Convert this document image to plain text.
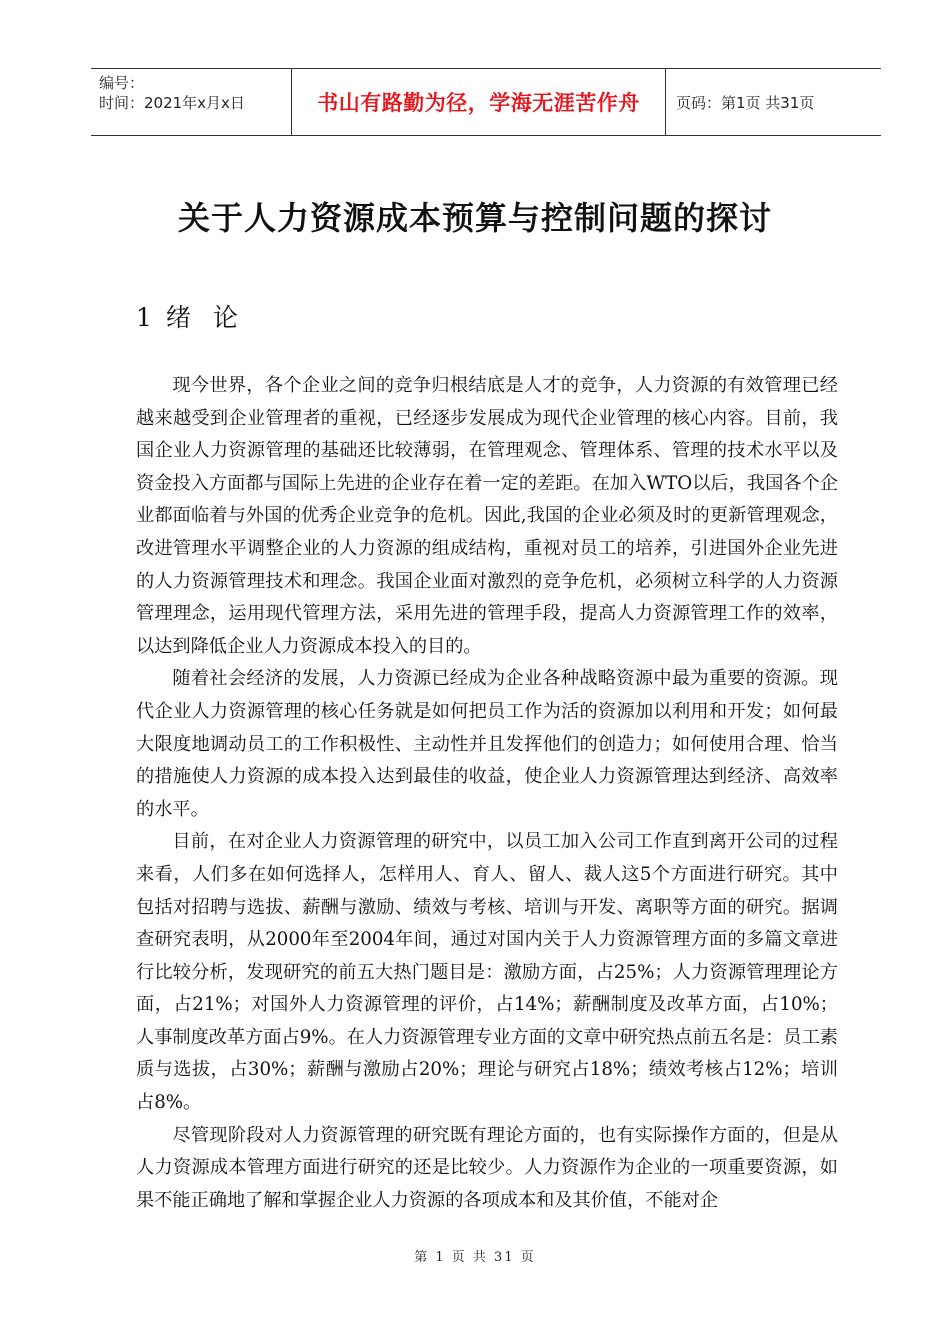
编号：
时间：2021年x月x日	书山有路勤为径，学海无涯苦作舟	页码：第1页 共31页
关于人力资源成本预算与控制问题的探讨
1 绪论

现今世界，各个企业之间的竞争归根结底是人才的竞争，人力资源的有效管理已经越来越受到企业管理者的重视，已经逐步发展成为现代企业管理的核心内容。目前，我国企业人力资源管理的基础还比较薄弱，在管理观念、管理体系、管理的技术水平以及资金投入方面都与国际上先进的企业存在着一定的差距。在加入WTO以后，我国各个企业都面临着与外国的优秀企业竞争的危机。因此,我国的企业必须及时的更新管理观念，改进管理水平调整企业的人力资源的组成结构，重视对员工的培养，引进国外企业先进的人力资源管理技术和理念。我国企业面对激烈的竞争危机，必须树立科学的人力资源管理理念，运用现代管理方法，采用先进的管理手段，提高人力资源管理工作的效率，以达到降低企业人力资源成本投入的目的。

随着社会经济的发展，人力资源已经成为企业各种战略资源中最为重要的资源。现代企业人力资源管理的核心任务就是如何把员工作为活的资源加以利用和开发；如何最大限度地调动员工的工作积极性、主动性并且发挥他们的创造力；如何使用合理、恰当的措施使人力资源的成本投入达到最佳的收益，使企业人力资源管理达到经济、高效率的水平。

目前，在对企业人力资源管理的研究中，以员工加入公司工作直到离开公司的过程来看，人们多在如何选择人，怎样用人、育人、留人、裁人这5个方面进行研究。其中包括对招聘与选拔、薪酬与激励、绩效与考核、培训与开发、离职等方面的研究。据调查研究表明，从2000年至2004年间，通过对国内关于人力资源管理方面的多篇文章进行比较分析，发现研究的前五大热门题目是：激励方面，占25%；人力资源管理理论方面，占21%；对国外人力资源管理的评价，占14%；薪酬制度及改革方面，占10%；人事制度改革方面占9%。在人力资源管理专业方面的文章中研究热点前五名是：员工素质与选拔，占30%；薪酬与激励占20%；理论与研究占18%；绩效考核占12%；培训占8%。

尽管现阶段对人力资源管理的研究既有理论方面的，也有实际操作方面的，但是从人力资源成本管理方面进行研究的还是比较少。人力资源作为企业的一项重要资源，如果不能正确地了解和掌握企业人力资源的各项成本和及其价值，不能对企

第 1 页 共 31 页
